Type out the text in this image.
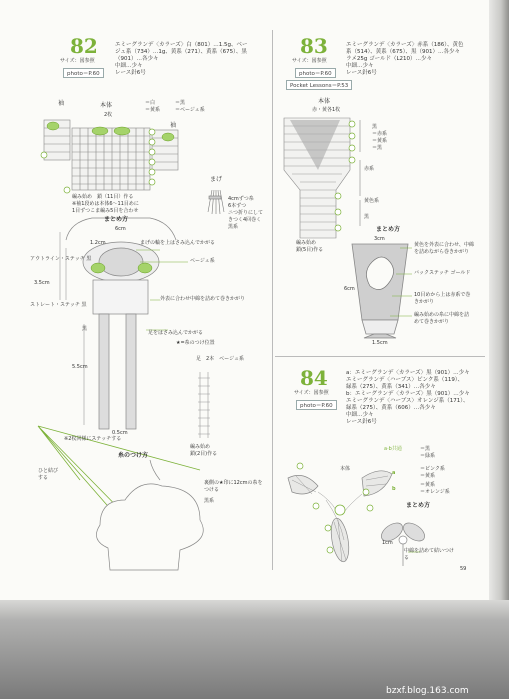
82
サイズ：図参照
photo＝P.60
エミーグランデ〈カラーズ〉白（801）…1.5g、ベー
ジュ系（734）…1g、黄系（271）、黄系（675）、黒
（901）…各少々
中細…少々
レース針6号
＝白
＝黄系
＝黒
＝ベージュ系
本体
2枚
袖
袖
編み始め　鎖（11目）作る
※袖1段めは本体6〜11目めに
1目ずつこま編み5目を合わせ
まげ
4cmずつ糸
6本ずつ
ニつ折りにして
きつく4回巻く
黒系
まとめ方
6cm
1.2cm	まげの輪を上はさみ込んでかがる
アウトライン・ステッチ 黒	ベージュ系
3.5cm
ストレート・ステッチ 黒
外表に合わせ中綿を詰めて巻きかがり
足をはさみ込んでかがる
黒
5.5cm
0.5cm
★=糸のつけ位置
※2枚同様にステッチする
足　2本　ベージュ系
編み始め
鎖(2目)作る
糸のつけ方
ひと結び
する
裏側の★印に12cmの糸をつける
黒系
83
サイズ：図参照
photo＝P.60
Pocket Lessons＝P.53
エミーグランデ〈カラーズ〉赤系（186）、黄色
系（514）、黄系（675）、黒（901）…各少々
ラメ25g ゴールド（L210）…少々
中細…少々
レース針6号
本体
赤・黄各1枚
黒
＝赤系
＝黄系
＝黒
赤系
黄色系
黒
編み始め
鎖(5目)作る
まとめ方
3cm
黄色を外表に合わせ、中綿を詰めながら巻きかがり
バックステッチ ゴールド
6cm
10目めから上は赤系で巻きかがり
編み始めの糸に中綿を詰めて巻きかがり
1.5cm
84
サイズ：図参照
photo＝P.60
a：エミーグランデ〈カラーズ〉黒（901）…少々
エミーグランデ〈ハーブス〉ピンク系（119）、
緑系（275）、黄系（341）…各少々
b：エミーグランデ〈カラーズ〉黒（901）…少々
エミーグランデ〈ハーブス〉オレンジ系（171）、
緑系（275）、黄系（606）…各少々
中細…少々
レース針6号
a·b共通	＝黒
＝緑系
a
＝ピンク系
＝黄系
b
＝黄系
＝オレンジ系
本体
まとめ方
1cm
中綿を詰めて結いつける
59
bzxf.blog.163.com
